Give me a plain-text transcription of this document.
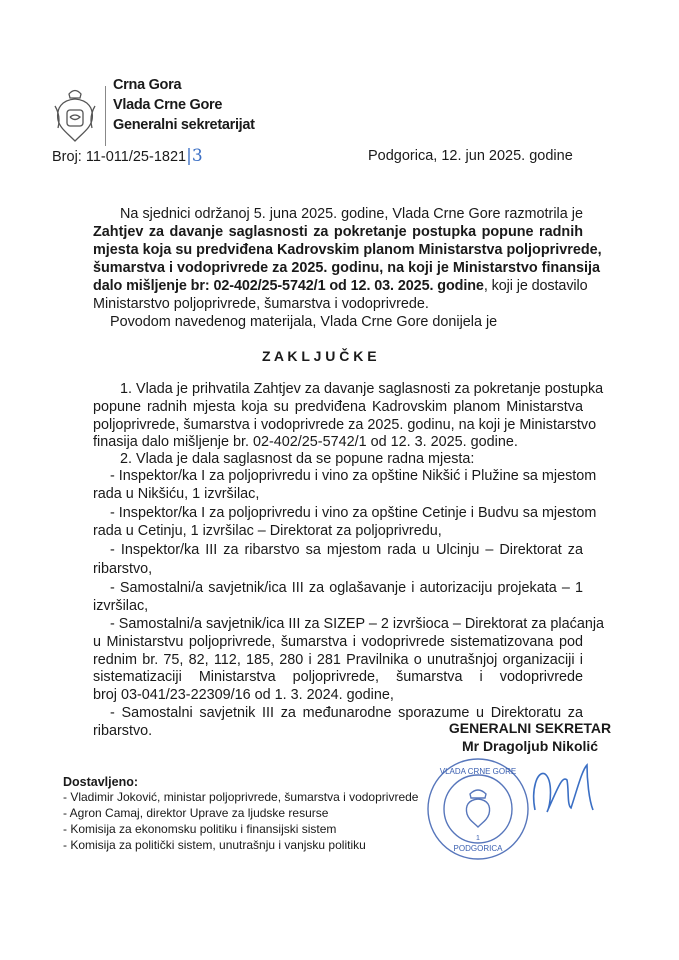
Crna Gora
Vlada Crne Gore
Generalni sekretarijat
Broj: 11-011/25-1821|3	Podgorica, 12. jun 2025. godine
Na sjednici održanoj 5. juna 2025. godine, Vlada Crne Gore razmotrila je
Zahtjev za davanje saglasnosti za pokretanje postupka popune radnih
mjesta koja su predviđena Kadrovskim planom Ministarstva poljoprivrede,
šumarstva i vodoprivrede za 2025. godinu, na koji je Ministarstvo finansija
dalo mišljenje br: 02-402/25-5742/1 od 12. 03. 2025. godine, koji je dostavilo
Ministarstvo poljoprivrede, šumarstva i vodoprivrede.
Povodom navedenog materijala, Vlada Crne Gore donijela je
Z A K L J U Č K E
1. Vlada je prihvatila Zahtjev za davanje saglasnosti za pokretanje postupka
popune radnih mjesta koja su predviđena Kadrovskim planom Ministarstva
poljoprivrede, šumarstva i vodoprivrede za 2025. godinu, na koji je Ministarstvo
finasija dalo mišljenje br. 02-402/25-5742/1 od 12. 3. 2025. godine.
2. Vlada je dala saglasnost da se popune radna mjesta:
- Inspektor/ka I za poljoprivredu i vino za opštine Nikšić i Plužine sa mjestom
rada u Nikšiću, 1 izvršilac,
- Inspektor/ka I za poljoprivredu i vino za opštine Cetinje i Budvu sa mjestom
rada u Cetinju, 1 izvršilac – Direktorat za poljoprivredu,
- Inspektor/ka III za ribarstvo sa mjestom rada u Ulcinju – Direktorat za
ribarstvo,
- Samostalni/a savjetnik/ica III za oglašavanje i autorizaciju projekata – 1
izvršilac,
- Samostalni/a savjetnik/ica III za SIZEP – 2 izvršioca – Direktorat za plaćanja
u Ministarstvu poljoprivrede, šumarstva i vodoprivrede sistematizovana pod
rednim br. 75, 82, 112, 185, 280 i 281 Pravilnika o unutrašnjoj organizaciji i
sistematizaciji Ministarstva poljoprivrede, šumarstva i vodoprivrede
broj 03-041/23-22309/16 od 1. 3. 2024. godine,
- Samostalni savjetnik III za međunarodne sporazume u Direktoratu za
ribarstvo.	GENERALNI SEKRETAR
Mr Dragoljub Nikolić
VLADA CRNE GORE
1
PODGORICA
Dostavljeno:
- Vladimir Joković, ministar poljoprivrede, šumarstva i vodoprivrede
- Agron Camaj, direktor Uprave za ljudske resurse
- Komisija za ekonomsku politiku i finansijski sistem
- Komisija za politički sistem, unutrašnju i vanjsku politiku
